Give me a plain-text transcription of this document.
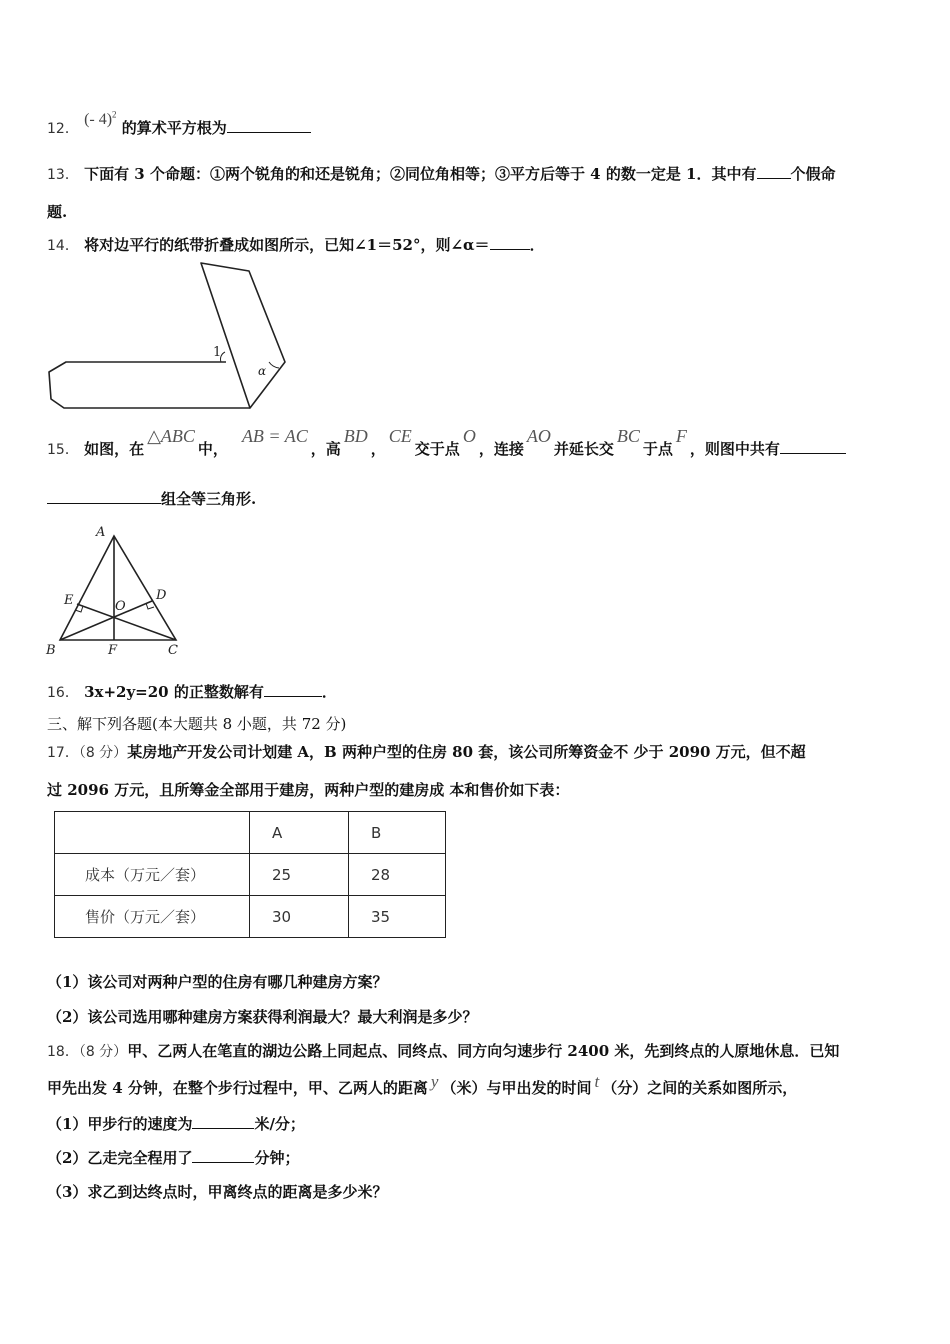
12． (- 4)$^2$ 的算术平方根为
13． 下面有 3 个命题：①两个锐角的和还是锐角；②同位角相等；③平方后等于 4 的数一定是 1．其中有 个假命
题.
14． 将对边平行的纸带折叠成如图所示，已知∠1＝52°，则∠α＝	．
1
α
15． 如图，在△ABC中，AB = AC，高BD，CE交于点O，连接AO并延长交BC于点F，则图中共有
组全等三角形.
A
B	C
D
E
F
O
16． 3x+2y=20 的正整数解有	．
三、解下列各题(本大题共 8 小题，共 72 分)
17．（8 分）某房地产开发公司计划建 A，B 两种户型的住房 80 套，该公司所筹资金不 少于 2090 万元，但不超
过 2096 万元，且所筹金全部用于建房，两种户型的建房成 本和售价如下表：
	A	B
成本（万元／套）	25	28
售价（万元／套）	30	35
（1）该公司对两种户型的住房有哪几种建房方案？
（2）该公司选用哪种建房方案获得利润最大？最大利润是多少？
18．（8 分）甲、乙两人在笔直的湖边公路上同起点、同终点、同方向匀速步行 2400 米，先到终点的人原地休息．已知
甲先出发 4 分钟，在整个步行过程中，甲、乙两人的距离 y （米）与甲出发的时间 t （分）之间的关系如图所示，
（1）甲步行的速度为	米/分；
（2）乙走完全程用了	分钟；
（3）求乙到达终点时，甲离终点的距离是多少米？
